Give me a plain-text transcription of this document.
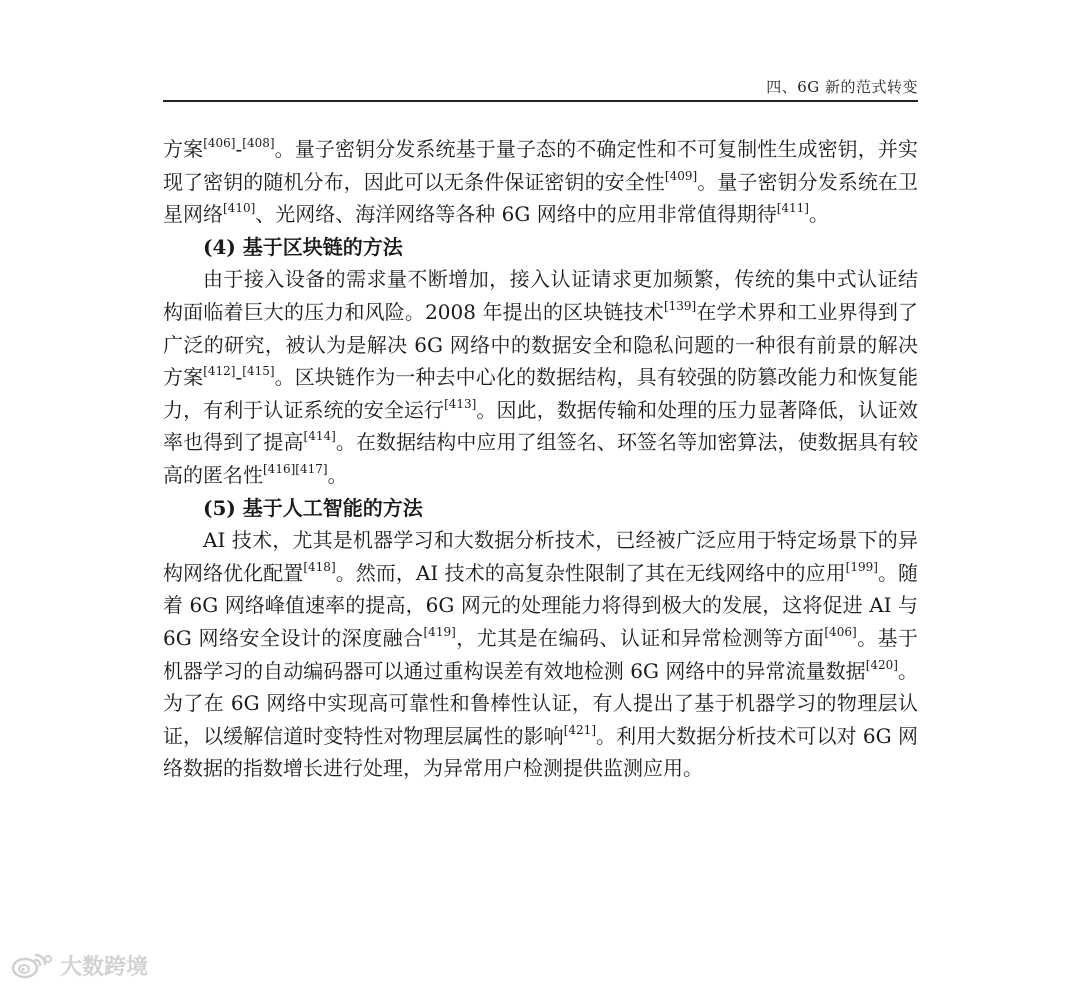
四、6G 新的范式转变

方案[406]-[408]。量子密钥分发系统基于量子态的不确定性和不可复制性生成密钥，并实现了密钥的随机分布，因此可以无条件保证密钥的安全性[409]。量子密钥分发系统在卫星网络[410]、光网络、海洋网络等各种 6G 网络中的应用非常值得期待[411]。

(4) 基于区块链的方法

由于接入设备的需求量不断增加，接入认证请求更加频繁，传统的集中式认证结构面临着巨大的压力和风险。2008 年提出的区块链技术[139]在学术界和工业界得到了广泛的研究，被认为是解决 6G 网络中的数据安全和隐私问题的一种很有前景的解决方案[412]-[415]。区块链作为一种去中心化的数据结构，具有较强的防篡改能力和恢复能力，有利于认证系统的安全运行[413]。因此，数据传输和处理的压力显著降低，认证效率也得到了提高[414]。在数据结构中应用了组签名、环签名等加密算法，使数据具有较高的匿名性[416][417]。

(5) 基于人工智能的方法

AI 技术，尤其是机器学习和大数据分析技术，已经被广泛应用于特定场景下的异构网络优化配置[418]。然而，AI 技术的高复杂性限制了其在无线网络中的应用[199]。随着 6G 网络峰值速率的提高，6G 网元的处理能力将得到极大的发展，这将促进 AI 与 6G 网络安全设计的深度融合[419]，尤其是在编码、认证和异常检测等方面[406]。基于机器学习的自动编码器可以通过重构误差有效地检测 6G 网络中的异常流量数据[420]。为了在 6G 网络中实现高可靠性和鲁棒性认证，有人提出了基于机器学习的物理层认证，以缓解信道时变特性对物理层属性的影响[421]。利用大数据分析技术可以对 6G 网络数据的指数增长进行处理，为异常用户检测提供监测应用。

大数跨境
